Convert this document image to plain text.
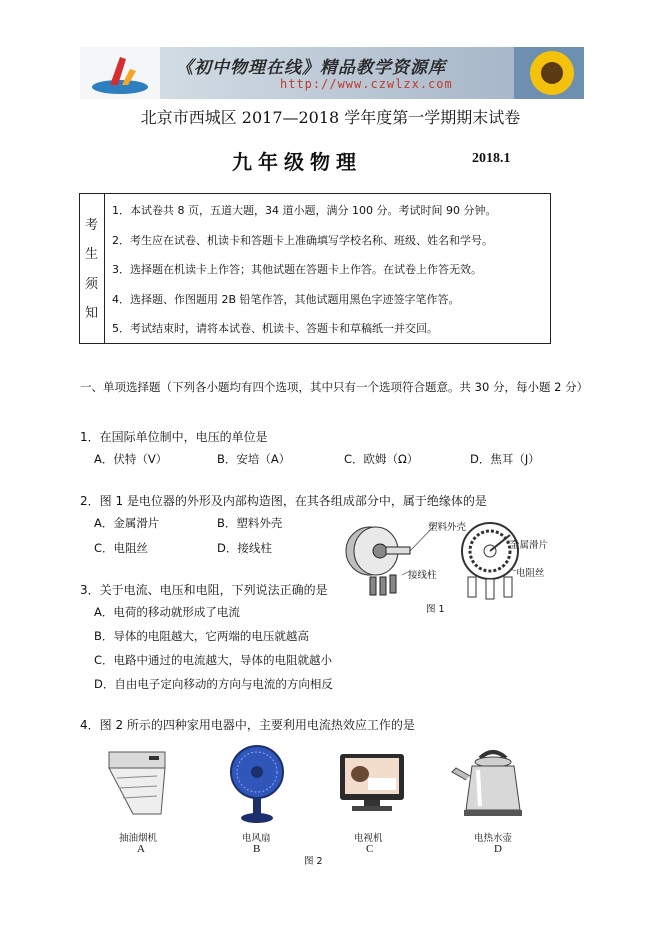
《初中物理在线》精品教学资源库
http://www.czwlzx.com
北京市西城区 2017—2018 学年度第一学期期末试卷
九年级物理	2018.1
考
生
须
知
1．本试卷共 8 页，五道大题，34 道小题，满分 100 分。考试时间 90 分钟。
2．考生应在试卷、机读卡和答题卡上准确填写学校名称、班级、姓名和学号。
3．选择题在机读卡上作答；其他试题在答题卡上作答。在试卷上作答无效。
4．选择题、作图题用 2B 铅笔作答，其他试题用黑色字迹签字笔作答。
5．考试结束时，请将本试卷、机读卡、答题卡和草稿纸一并交回。
一、单项选择题（下列各小题均有四个选项，其中只有一个选项符合题意。共 30 分，每小题 2 分）
1．在国际单位制中，电压的单位是
A．伏特（V）	B．安培（A）	C．欧姆（Ω）	D．焦耳（J）
2．图 1 是电位器的外形及内部构造图，在其各组成部分中，属于绝缘体的是
A．金属滑片	B．塑料外壳
C．电阻丝	D．接线柱
塑料外壳
金属滑片
接线柱	电阻丝
图 1
3．关于电流、电压和电阻，下列说法正确的是
A．电荷的移动就形成了电流
B．导体的电阻越大，它两端的电压就越高
C．电路中通过的电流越大，导体的电阻就越小
D．自由电子定向移动的方向与电流的方向相反
4．图 2 所示的四种家用电器中，主要利用电流热效应工作的是
抽油烟机
A
电风扇
B
电视机
C
电热水壶
D
图 2
